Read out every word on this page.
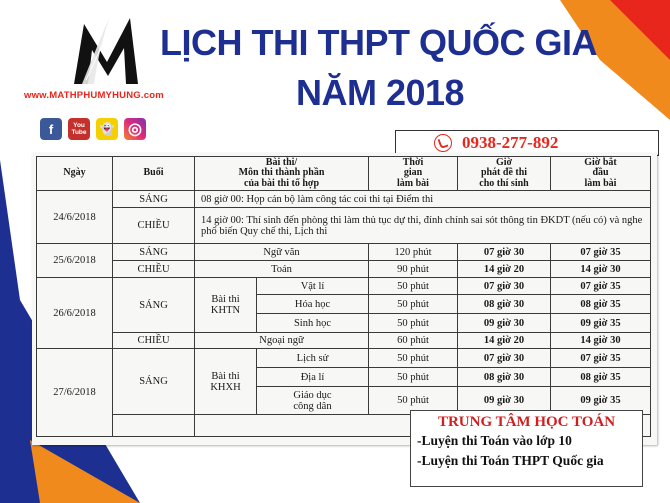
www.MATHPHUMYHUNG.com
LỊCH THI THPT QUỐC GIA
NĂM 2018
f	You Tube 👻 ◎
0938-277-892
Ngày	Buổi	Bài thi/
Môn thi thành phần
của bài thi tổ hợp		Thời
gian
làm bài	Giờ
phát đề thi
cho thí sinh	Giờ bắt
đầu
làm bài
24/6/2018	SÁNG	08 giờ 00: Họp cán bộ làm công tác coi thi tại Điểm thi				
	CHIỀU	14 giờ 00: Thí sinh đến phòng thi làm thủ tục dự thi, đính chính sai sót thông tin ĐKDT (nếu có) và nghe phổ biến Quy chế thi, Lịch thi				
25/6/2018	SÁNG	Ngữ văn		120 phút	07 giờ 30	07 giờ 35
	CHIỀU	Toán		90 phút	14 giờ 20	14 giờ 30
26/6/2018	SÁNG	Bài thi
KHTN	Vật lí	50 phút	07 giờ 30	07 giờ 35
			Hóa học	50 phút	08 giờ 30	08 giờ 35
			Sinh học	50 phút	09 giờ 30	09 giờ 35
	CHIỀU	Ngoại ngữ		60 phút	14 giờ 20	14 giờ 30
27/6/2018	SÁNG	Bài thi
KHXH	Lịch sử	50 phút	07 giờ 30	07 giờ 35
			Địa lí	50 phút	08 giờ 30	08 giờ 35
			Giáo dục
công dân	50 phút	09 giờ 30	09 giờ 35

TRUNG TÂM HỌC TOÁN
-Luyện thi Toán vào lớp 10
-Luyện thi Toán THPT Quốc gia
